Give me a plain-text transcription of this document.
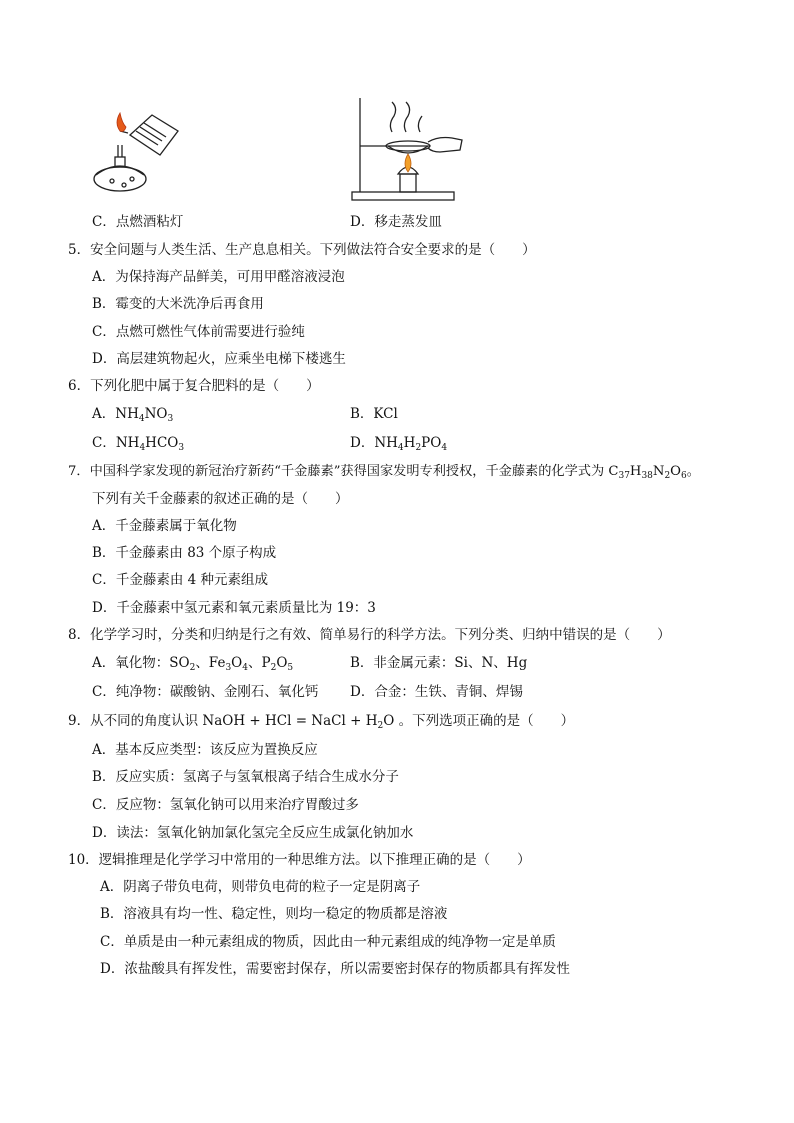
C．点燃酒粘灯	D．移走蒸发皿
5．安全问题与人类生活、生产息息相关。下列做法符合安全要求的是（　　）
A．为保持海产品鲜美，可用甲醛溶液浸泡
B．霉变的大米洗净后再食用
C．点燃可燃性气体前需要进行验纯
D．高层建筑物起火，应乘坐电梯下楼逃生
6．下列化肥中属于复合肥料的是（　　）
A．$NH_4NO_3$	B．KCl
C．$NH_4HCO_3$	D．$NH_4H_2PO_4$
7．中国科学家发现的新冠治疗新药“千金藤素”获得国家发明专利授权，千金藤素的化学式为 $C_{37}H_{38}N_2O_6$。
下列有关千金藤素的叙述正确的是（　　）
A．千金藤素属于氧化物
B．千金藤素由 83 个原子构成
C．千金藤素由 4 种元素组成
D．千金藤素中氢元素和氧元素质量比为 19：3
8．化学学习时，分类和归纳是行之有效、简单易行的科学方法。下列分类、归纳中错误的是（　　）
A．氧化物：$SO_2$、$Fe_3O_4$、$P_2O_5$	B．非金属元素：Si、N、Hg
C．纯净物：碳酸钠、金刚石、氧化钙 D．合金：生铁、青铜、焊锡
9．从不同的角度认识 NaOH + HCl = NaCl + $H_2O$ 。下列选项正确的是（　　）
A．基本反应类型：该反应为置换反应
B．反应实质：氢离子与氢氧根离子结合生成水分子
C．反应物：氢氧化钠可以用来治疗胃酸过多
D．读法：氢氧化钠加氯化氢完全反应生成氯化钠加水
10．逻辑推理是化学学习中常用的一种思维方法。以下推理正确的是（　　）
A．阴离子带负电荷，则带负电荷的粒子一定是阴离子
B．溶液具有均一性、稳定性，则均一稳定的物质都是溶液
C．单质是由一种元素组成的物质，因此由一种元素组成的纯净物一定是单质
D．浓盐酸具有挥发性，需要密封保存，所以需要密封保存的物质都具有挥发性
